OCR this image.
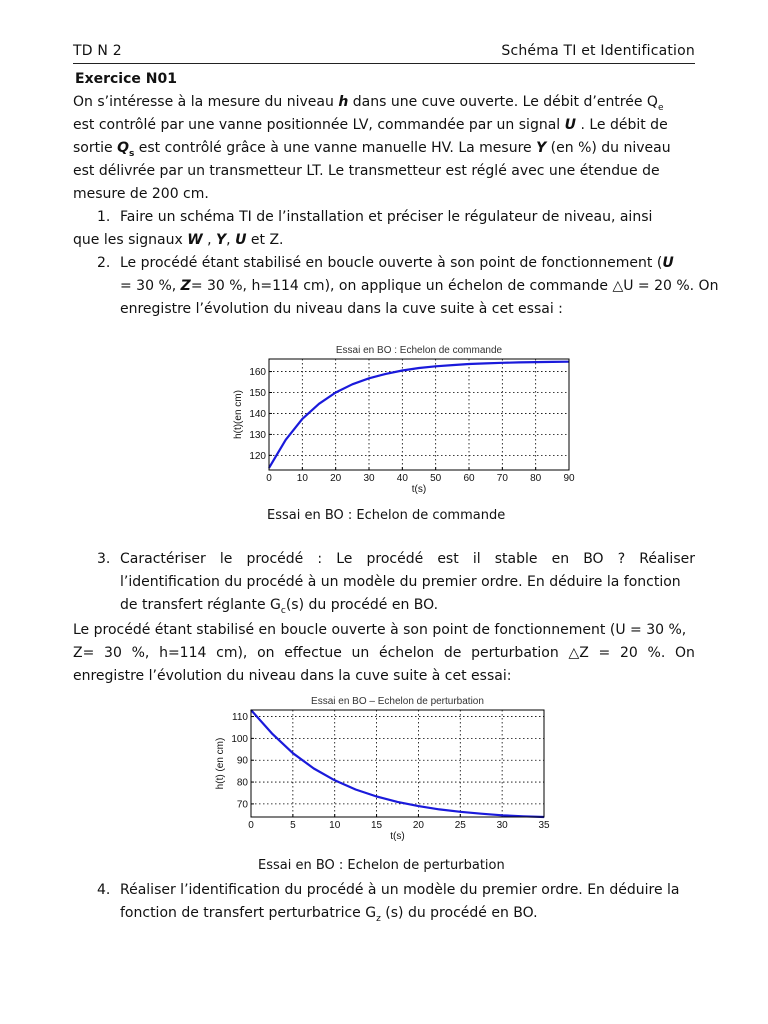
TD N 2	Schéma TI et Identification
Exercice N01
On s’intéresse à la mesure du niveau h dans une cuve ouverte. Le débit d’entrée $Q_e$
est contrôlé par une vanne positionnée LV, commandée par un signal U . Le débit de
sortie $Q_s$ est contrôlé grâce à une vanne manuelle HV. La mesure Y (en %) du niveau
est délivrée par un transmetteur LT. Le transmetteur est réglé avec une étendue de
mesure de 200 cm.
1. Faire un schéma TI de l’installation et préciser le régulateur de niveau, ainsi
que les signaux W , Y, U et Z.
2. Le procédé étant stabilisé en boucle ouverte à son point de fonctionnement (U
= 30 %, Z= 30 %, h=114 cm), on applique un échelon de commande △U = 20 %. On
enregistre l’évolution du niveau dans la cuve suite à cet essai :
Essai en BO : Echelon de commande
0 10 20 30 40 50 60 70 80 90
120
130
140
150
160
t(s)
h(t)(en cm)
Essai en BO : Echelon de commande
3. Caractériser le procédé : Le procédé est il stable en BO ? Réaliser
l’identification du procédé à un modèle du premier ordre. En déduire la fonction
de transfert réglante $G_c(s)$ du procédé en BO.
Le procédé étant stabilisé en boucle ouverte à son point de fonctionnement (U = 30 %,
Z= 30 %, h=114 cm), on effectue un échelon de perturbation △Z = 20 %. On
enregistre l’évolution du niveau dans la cuve suite à cet essai:
Essai en BO – Echelon de perturbation
0	5	10	15	20	25	30	35
70
80
90
100
110
t(s)
h(t) (en cm)
Essai en BO : Echelon de perturbation
4. Réaliser l’identification du procédé à un modèle du premier ordre. En déduire la
fonction de transfert perturbatrice $G_z$ (s) du procédé en BO.
